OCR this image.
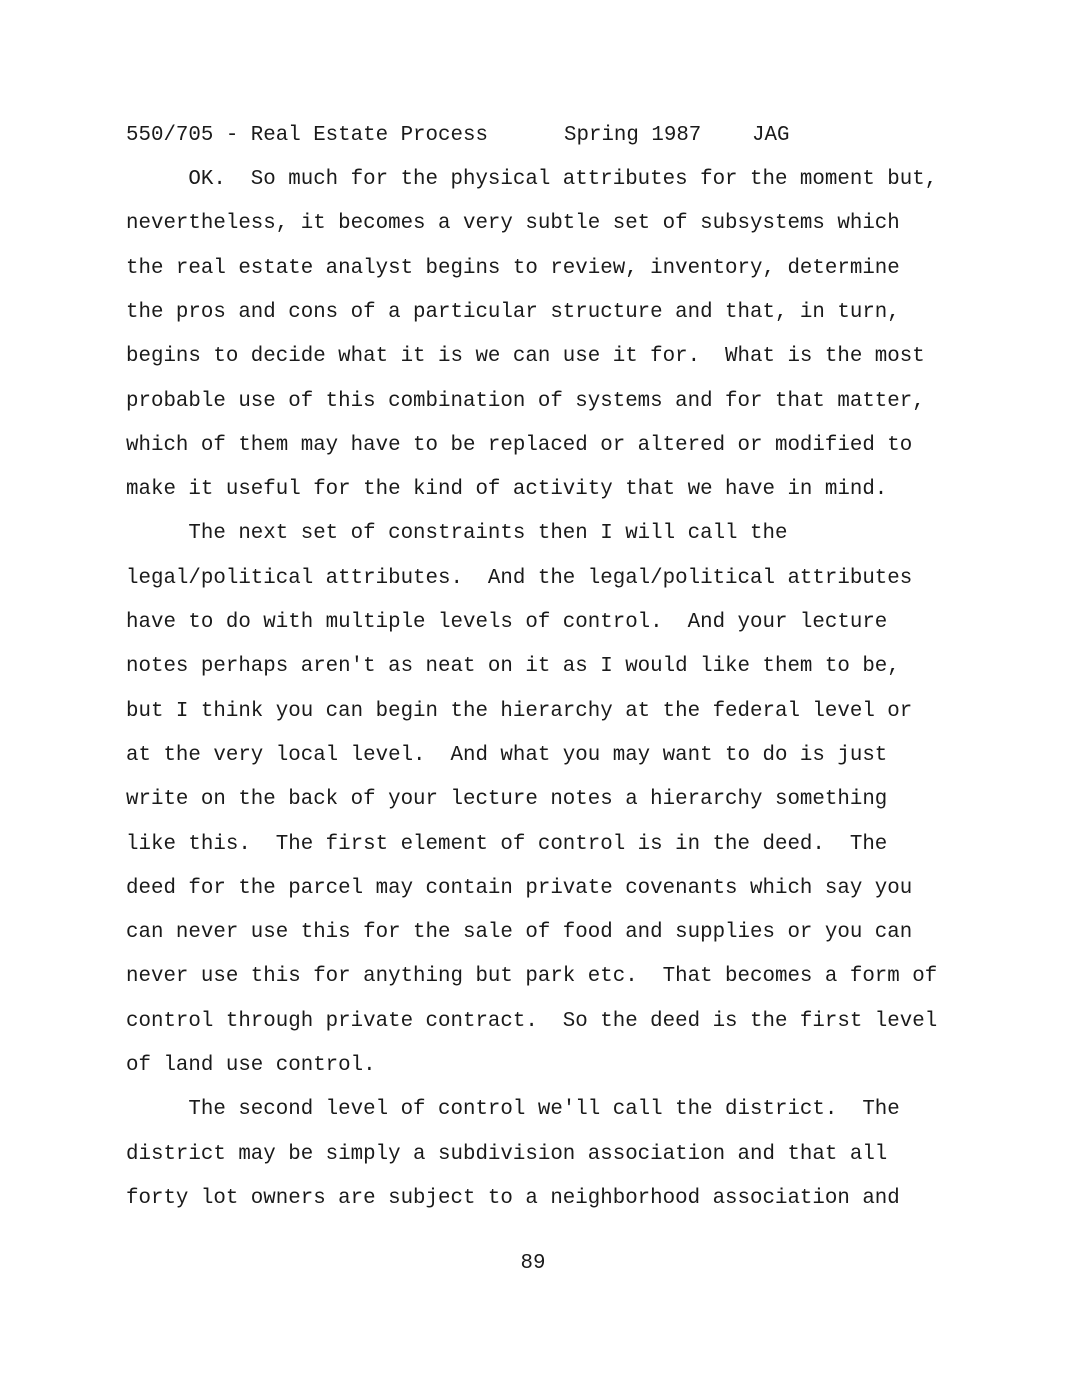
550/705 - Real Estate Process

	Spring 1987

JAG

OK.  So much for the physical attributes for the moment but,
nevertheless, it becomes a very subtle set of subsystems which
the real estate analyst begins to review, inventory, determine
the pros and cons of a particular structure and that, in turn,
begins to decide what it is we can use it for.  What is the most
probable use of this combination of systems and for that matter,
which of them may have to be replaced or altered or modified to
make it useful for the kind of activity that we have in mind.
The next set of constraints then I will call the
legal/political attributes.  And the legal/political attributes
have to do with multiple levels of control.  And your lecture
notes perhaps aren't as neat on it as I would like them to be,
but I think you can begin the hierarchy at the federal level or
at the very local level.  And what you may want to do is just
write on the back of your lecture notes a hierarchy something
like this.  The first element of control is in the deed.  The
deed for the parcel may contain private covenants which say you
can never use this for the sale of food and supplies or you can
never use this for anything but park etc.  That becomes a form of
control through private contract.  So the deed is the first level
of land use control.
The second level of control we'll call the district.  The
district may be simply a subdivision association and that all
forty lot owners are subject to a neighborhood association and
89
